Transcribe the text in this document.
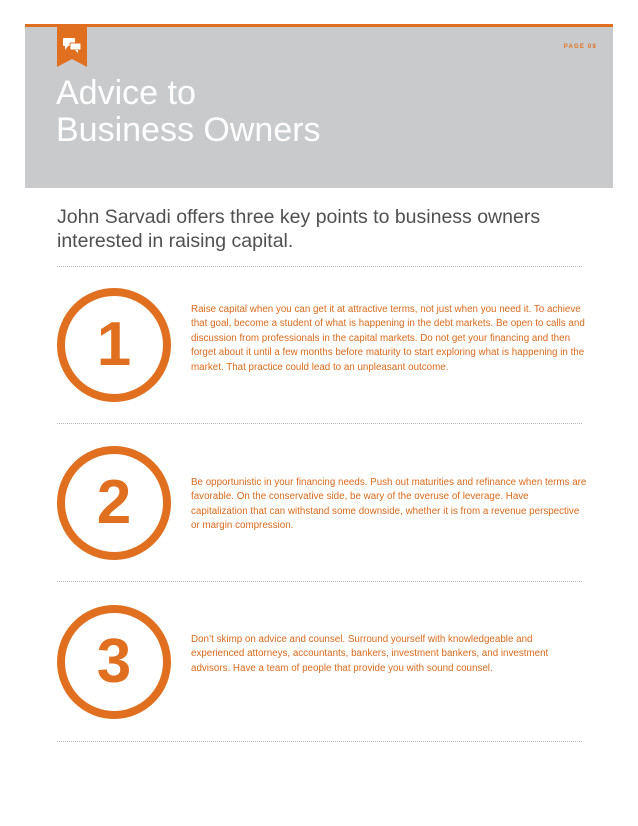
PAGE 08
Advice to
Business Owners

John Sarvadi offers three key points to business owners interested in raising capital.

1

Raise capital when you can get it at attractive terms, not just when you need it. To achieve that goal, become a student of what is happening in the debt markets. Be open to calls and discussion from professionals in the capital markets. Do not get your financing and then forget about it until a few months before maturity to start exploring what is happening in the market. That practice could lead to an unpleasant outcome.

2	Be opportunistic in your financing needs. Push out maturities and refinance when terms are favorable. On the conservative side, be wary of the overuse of leverage. Have capitalization that can withstand some downside, whether it is from a revenue perspective or margin compression.

3	Don’t skimp on advice and counsel. Surround yourself with knowledgeable and experienced attorneys, accountants, bankers, investment bankers, and investment advisors. Have a team of people that provide you with sound counsel.
